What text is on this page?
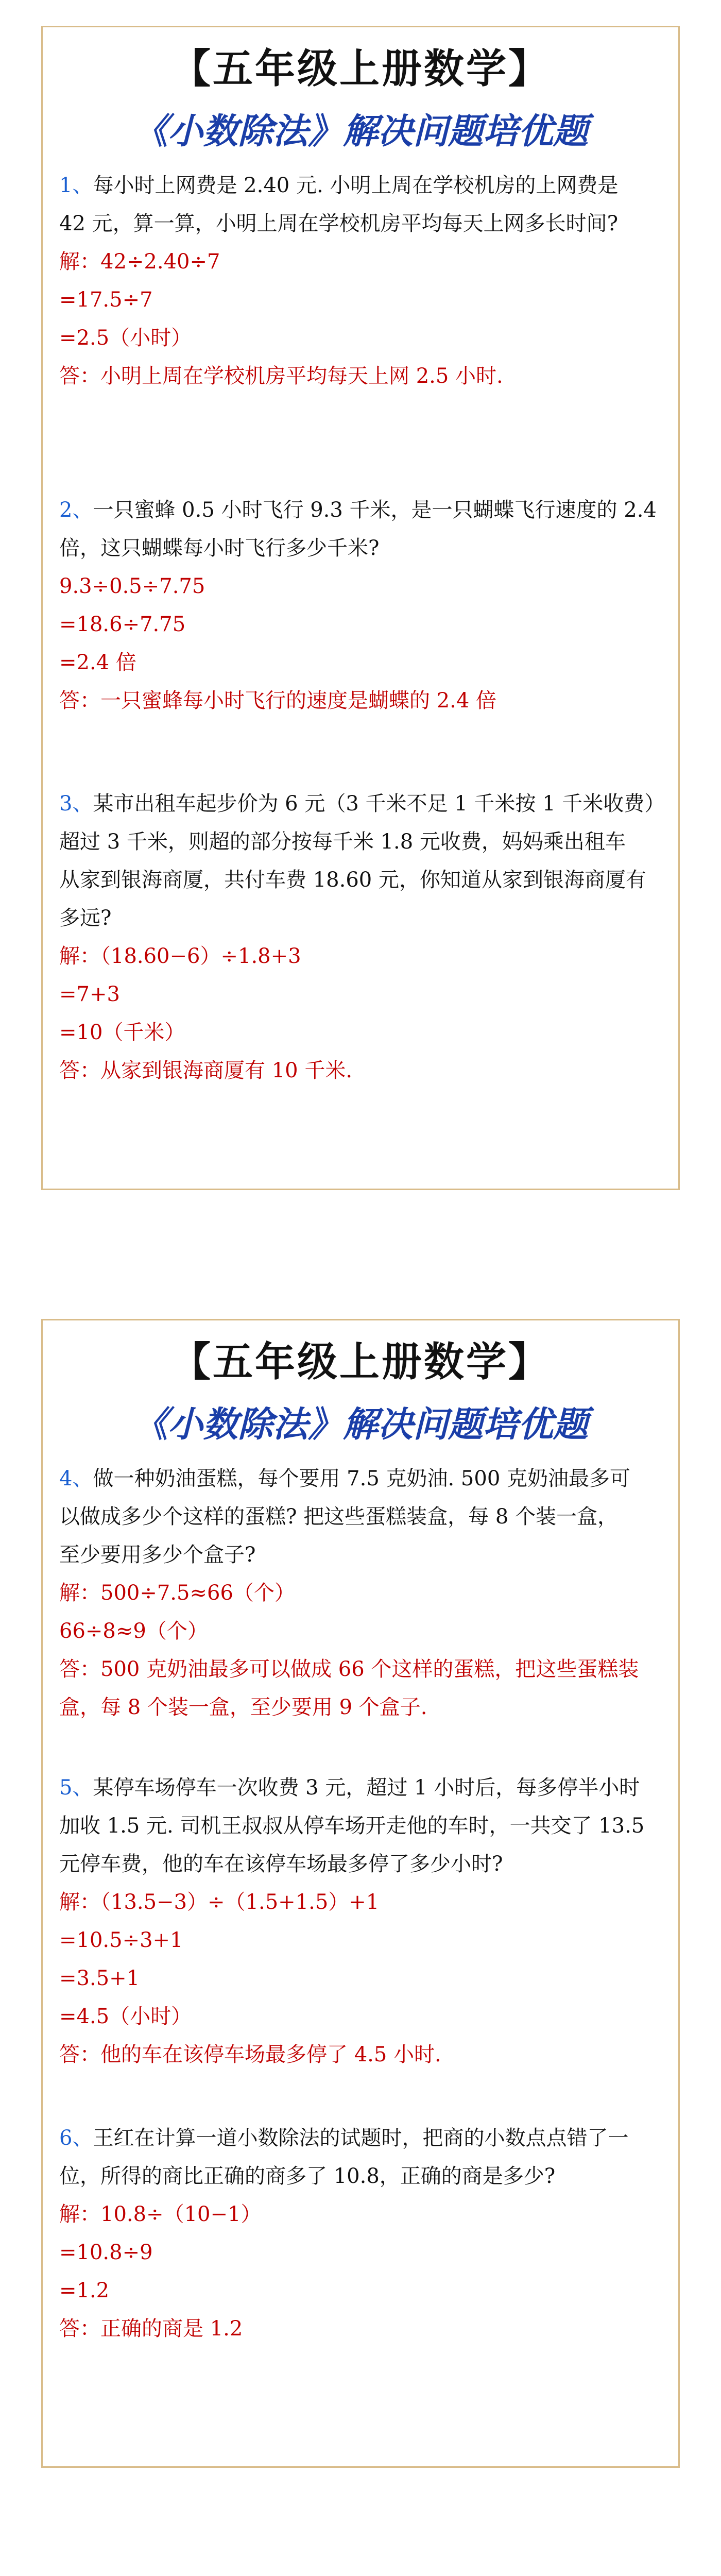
【五年级上册数学】
《小数除法》解决问题培优题
1、每小时上网费是 2.40 元. 小明上周在学校机房的上网费是
42 元，算一算，小明上周在学校机房平均每天上网多长时间?
解：42÷2.40÷7
=17.5÷7
=2.5（小时）
答：小明上周在学校机房平均每天上网 2.5 小时.
2、一只蜜蜂 0.5 小时飞行 9.3 千米，是一只蝴蝶飞行速度的 2.4
倍，这只蝴蝶每小时飞行多少千米?
9.3÷0.5÷7.75
=18.6÷7.75
=2.4 倍
答：一只蜜蜂每小时飞行的速度是蝴蝶的 2.4 倍
3、某市出租车起步价为 6 元（3 千米不足 1 千米按 1 千米收费）
超过 3 千米，则超的部分按每千米 1.8 元收费，妈妈乘出租车
从家到银海商厦，共付车费 18.60 元，你知道从家到银海商厦有
多远?
解：（18.60−6）÷1.8+3
=7+3
=10（千米）
答：从家到银海商厦有 10 千米.
【五年级上册数学】
《小数除法》解决问题培优题
4、做一种奶油蛋糕，每个要用 7.5 克奶油. 500 克奶油最多可
以做成多少个这样的蛋糕? 把这些蛋糕装盒，每 8 个装一盒，
至少要用多少个盒子?
解：500÷7.5≈66（个）
66÷8≈9（个）
答：500 克奶油最多可以做成 66 个这样的蛋糕，把这些蛋糕装
盒，每 8 个装一盒，至少要用 9 个盒子.
5、某停车场停车一次收费 3 元，超过 1 小时后，每多停半小时
加收 1.5 元. 司机王叔叔从停车场开走他的车时，一共交了 13.5
元停车费，他的车在该停车场最多停了多少小时?
解：（13.5−3）÷（1.5+1.5）+1
=10.5÷3+1
=3.5+1
=4.5（小时）
答：他的车在该停车场最多停了 4.5 小时.
6、王红在计算一道小数除法的试题时，把商的小数点点错了一
位，所得的商比正确的商多了 10.8，正确的商是多少?
解：10.8÷（10−1）
=10.8÷9
=1.2
答：正确的商是 1.2
